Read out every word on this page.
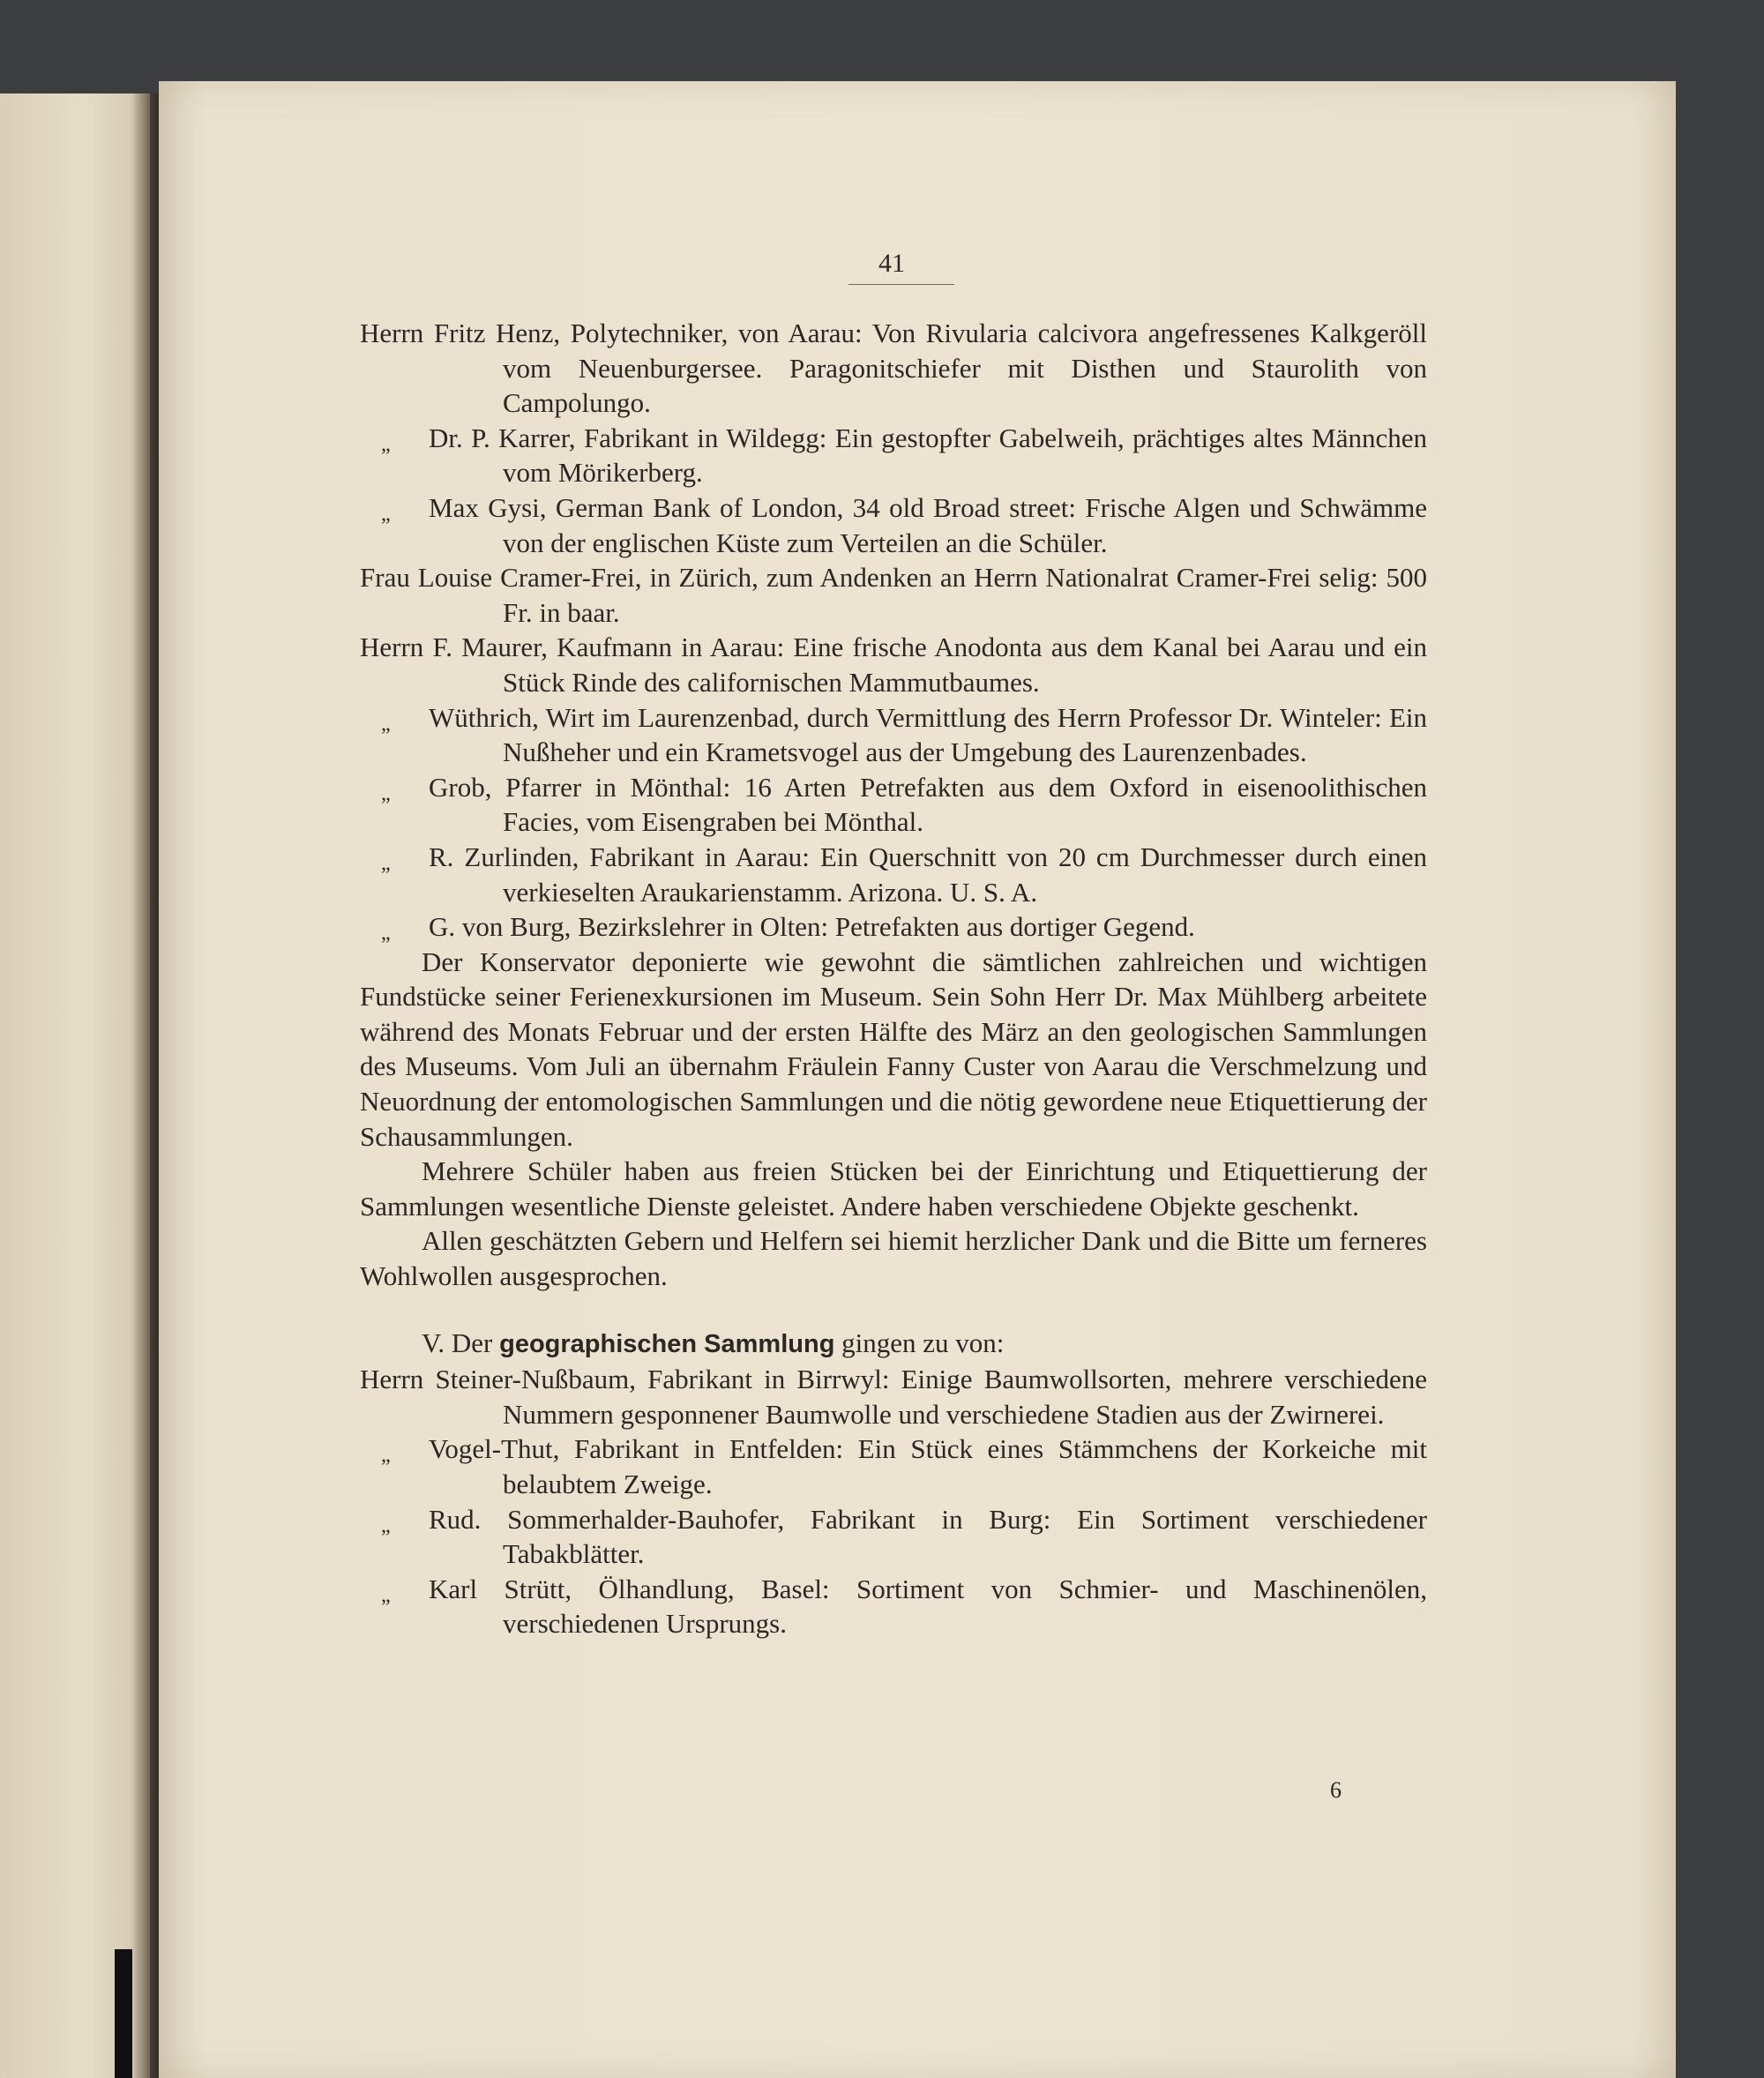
41
Herrn Fritz Henz, Polytechniker, von Aarau: Von Rivularia calcivora angefressenes Kalkgeröll vom Neuenburgersee. Paragonitschiefer mit Disthen und Staurolith von Campolungo.
„ Dr. P. Karrer, Fabrikant in Wildegg: Ein gestopfter Gabelweih, prächtiges altes Männchen vom Mörikerberg.
„ Max Gysi, German Bank of London, 34 old Broad street: Frische Algen und Schwämme von der englischen Küste zum Verteilen an die Schüler.
Frau Louise Cramer-Frei, in Zürich, zum Andenken an Herrn Nationalrat Cramer-Frei selig: 500 Fr. in baar.
Herrn F. Maurer, Kaufmann in Aarau: Eine frische Anodonta aus dem Kanal bei Aarau und ein Stück Rinde des californischen Mammutbaumes.
„ Wüthrich, Wirt im Laurenzenbad, durch Vermittlung des Herrn Professor Dr. Winteler: Ein Nußheher und ein Krametsvogel aus der Umgebung des Laurenzenbades.
„ Grob, Pfarrer in Mönthal: 16 Arten Petrefakten aus dem Oxford in eisenoolithischen Facies, vom Eisengraben bei Mönthal.
„ R. Zurlinden, Fabrikant in Aarau: Ein Querschnitt von 20 cm Durchmesser durch einen verkieselten Araukarienstamm. Arizona. U. S. A.
„ G. von Burg, Bezirkslehrer in Olten: Petrefakten aus dortiger Gegend.

Der Konservator deponierte wie gewohnt die sämtlichen zahlreichen und wichtigen Fundstücke seiner Ferienexkursionen im Museum. Sein Sohn Herr Dr. Max Mühlberg arbeitete während des Monats Februar und der ersten Hälfte des März an den geologischen Sammlungen des Museums. Vom Juli an übernahm Fräulein Fanny Custer von Aarau die Verschmelzung und Neuordnung der entomologischen Sammlungen und die nötig gewordene neue Etiquettierung der Schausammlungen.

Mehrere Schüler haben aus freien Stücken bei der Einrichtung und Etiquettierung der Sammlungen wesentliche Dienste geleistet. Andere haben verschiedene Objekte geschenkt.

Allen geschätzten Gebern und Helfern sei hiemit herzlicher Dank und die Bitte um ferneres Wohlwollen ausgesprochen.

V. Der geographischen Sammlung gingen zu von:
Herrn Steiner-Nußbaum, Fabrikant in Birrwyl: Einige Baumwollsorten, mehrere verschiedene Nummern gesponnener Baumwolle und verschiedene Stadien aus der Zwirnerei.
„ Vogel-Thut, Fabrikant in Entfelden: Ein Stück eines Stämmchens der Korkeiche mit belaubtem Zweige.
„ Rud. Sommerhalder-Bauhofer, Fabrikant in Burg: Ein Sortiment verschiedener Tabakblätter.
„ Karl Strütt, Ölhandlung, Basel: Sortiment von Schmier- und Maschinenölen, verschiedenen Ursprungs.
6
